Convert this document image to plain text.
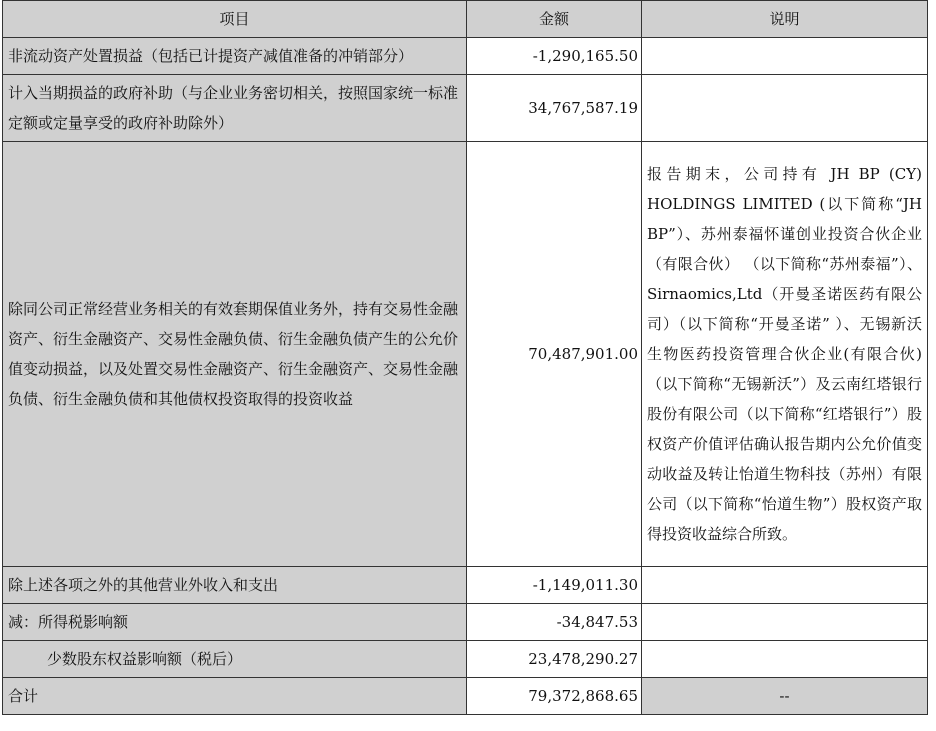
项目	金额	说明
非流动资产处置损益（包括已计提资产减值准备的冲销部分）	-1,290,165.50	
计入当期损益的政府补助（与企业业务密切相关，按照国家统一标准定额或定量享受的政府补助除外）	34,767,587.19	
除同公司正常经营业务相关的有效套期保值业务外，持有交易性金融资产、衍生金融资产、交易性金融负债、衍生金融负债产生的公允价值变动损益，以及处置交易性金融资产、衍生金融资产、交易性金融负债、衍生金融负债和其他债权投资取得的投资收益	70,487,901.00	报告期末，公司持有 JH BP (CY) HOLDINGS LIMITED (以下简称“JH BP”）、苏州泰福怀谨创业投资合伙企业（有限合伙） （以下简称“苏州泰福”）、Sirnaomics,Ltd（开曼圣诺医药有限公司）（以下简称“开曼圣诺” ）、无锡新沃生物医药投资管理合伙企业(有限合伙)（以下简称“无锡新沃”）及云南红塔银行股份有限公司（以下简称“红塔银行”）股权资产价值评估确认报告期内公允价值变动收益及转让怡道生物科技（苏州）有限公司（以下简称“怡道生物”）股权资产取得投资收益综合所致。
除上述各项之外的其他营业外收入和支出	-1,149,011.30	
减：所得税影响额	-34,847.53	
少数股东权益影响额（税后）	23,478,290.27	
合计	79,372,868.65	--
